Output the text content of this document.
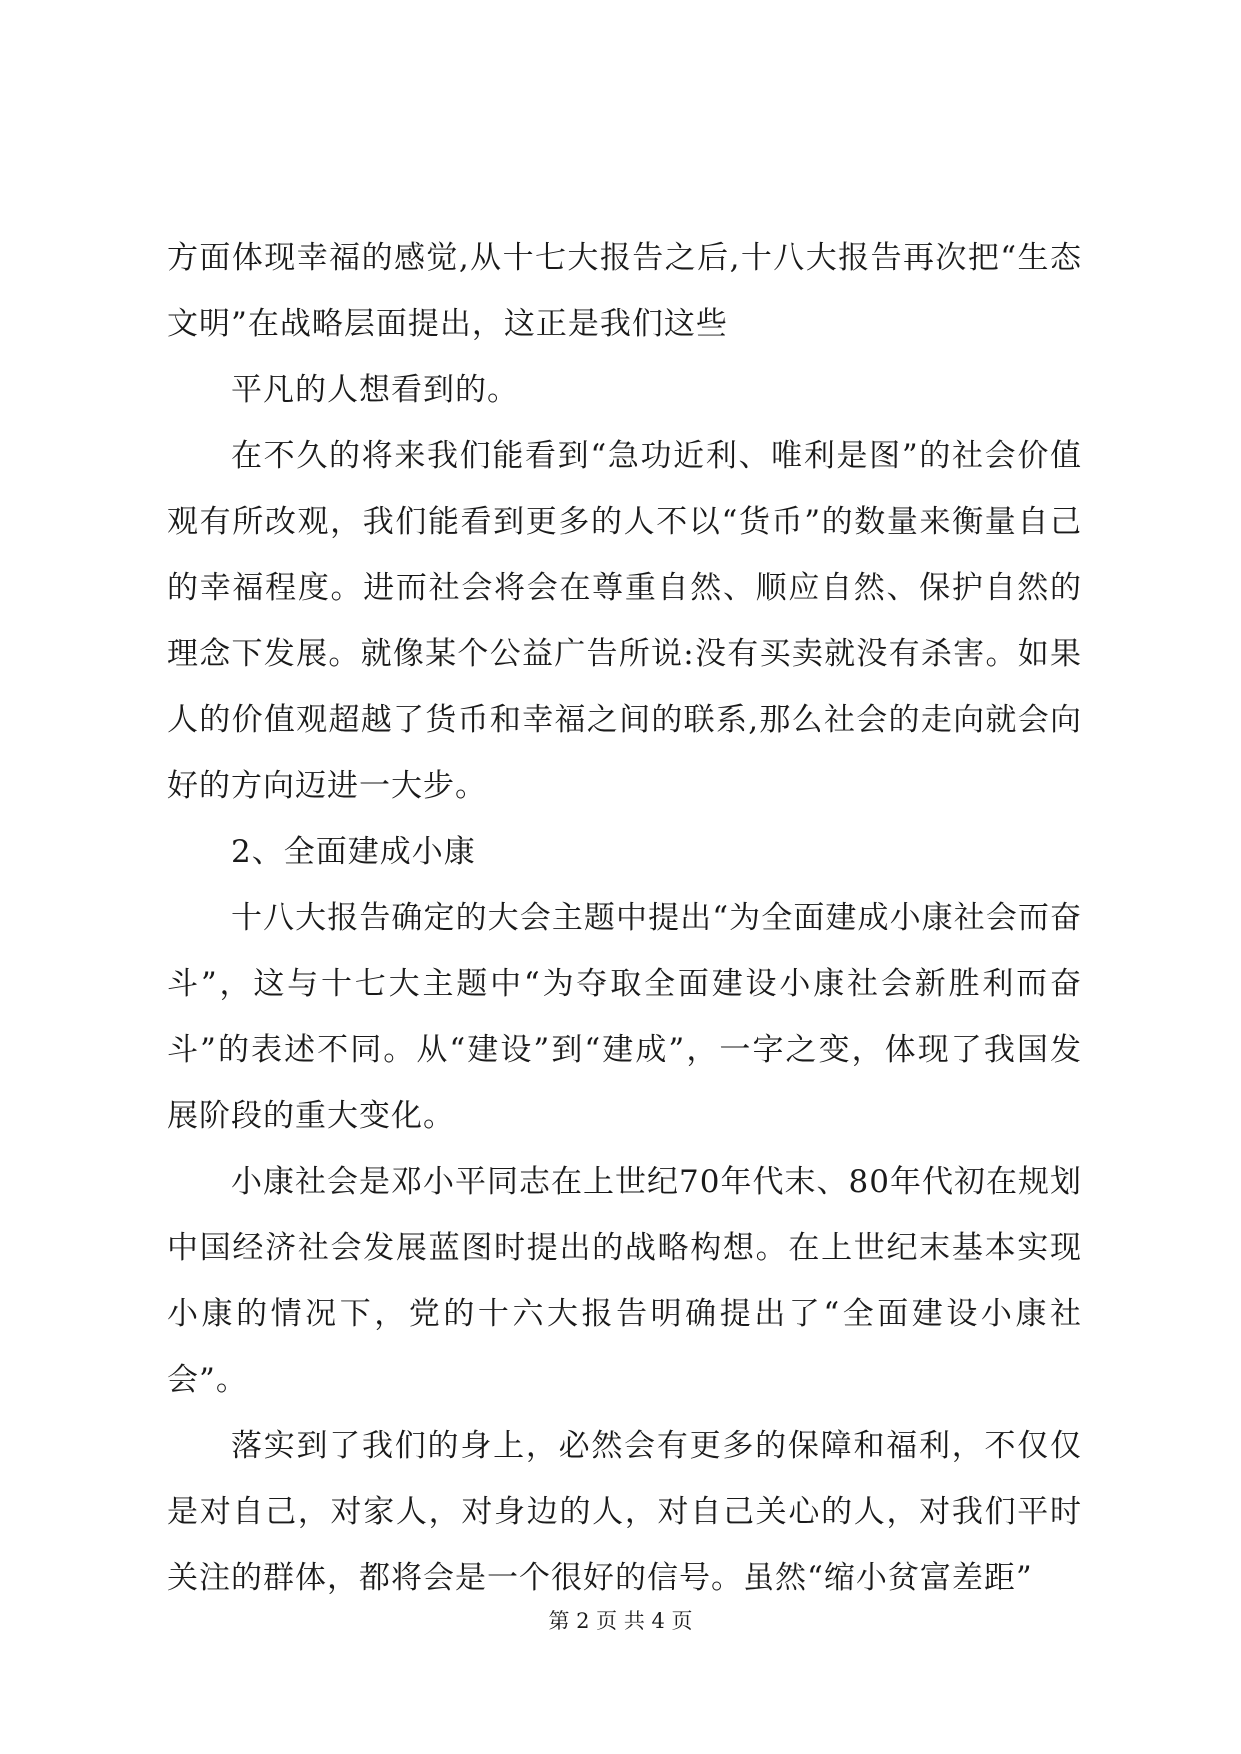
方面体现幸福的感觉,从十七大报告之后,十八大报告再次把“生态文明”在战略层面提出，这正是我们这些

平凡的人想看到的。

在不久的将来我们能看到“急功近利、唯利是图”的社会价值观有所改观，我们能看到更多的人不以“货币”的数量来衡量自己的幸福程度。进而社会将会在尊重自然、顺应自然、保护自然的理念下发展。就像某个公益广告所说:没有买卖就没有杀害。如果人的价值观超越了货币和幸福之间的联系,那么社会的走向就会向好的方向迈进一大步。

2、全面建成小康

十八大报告确定的大会主题中提出“为全面建成小康社会而奋斗”，这与十七大主题中“为夺取全面建设小康社会新胜利而奋斗”的表述不同。从“建设”到“建成”，一字之变，体现了我国发展阶段的重大变化。

小康社会是邓小平同志在上世纪70年代末、80年代初在规划中国经济社会发展蓝图时提出的战略构想。在上世纪末基本实现小康的情况下，党的十六大报告明确提出了“全面建设小康社会”。

落实到了我们的身上，必然会有更多的保障和福利，不仅仅是对自己，对家人，对身边的人，对自己关心的人，对我们平时关注的群体，都将会是一个很好的信号。虽然“缩小贫富差距”

第 2 页 共 4 页
